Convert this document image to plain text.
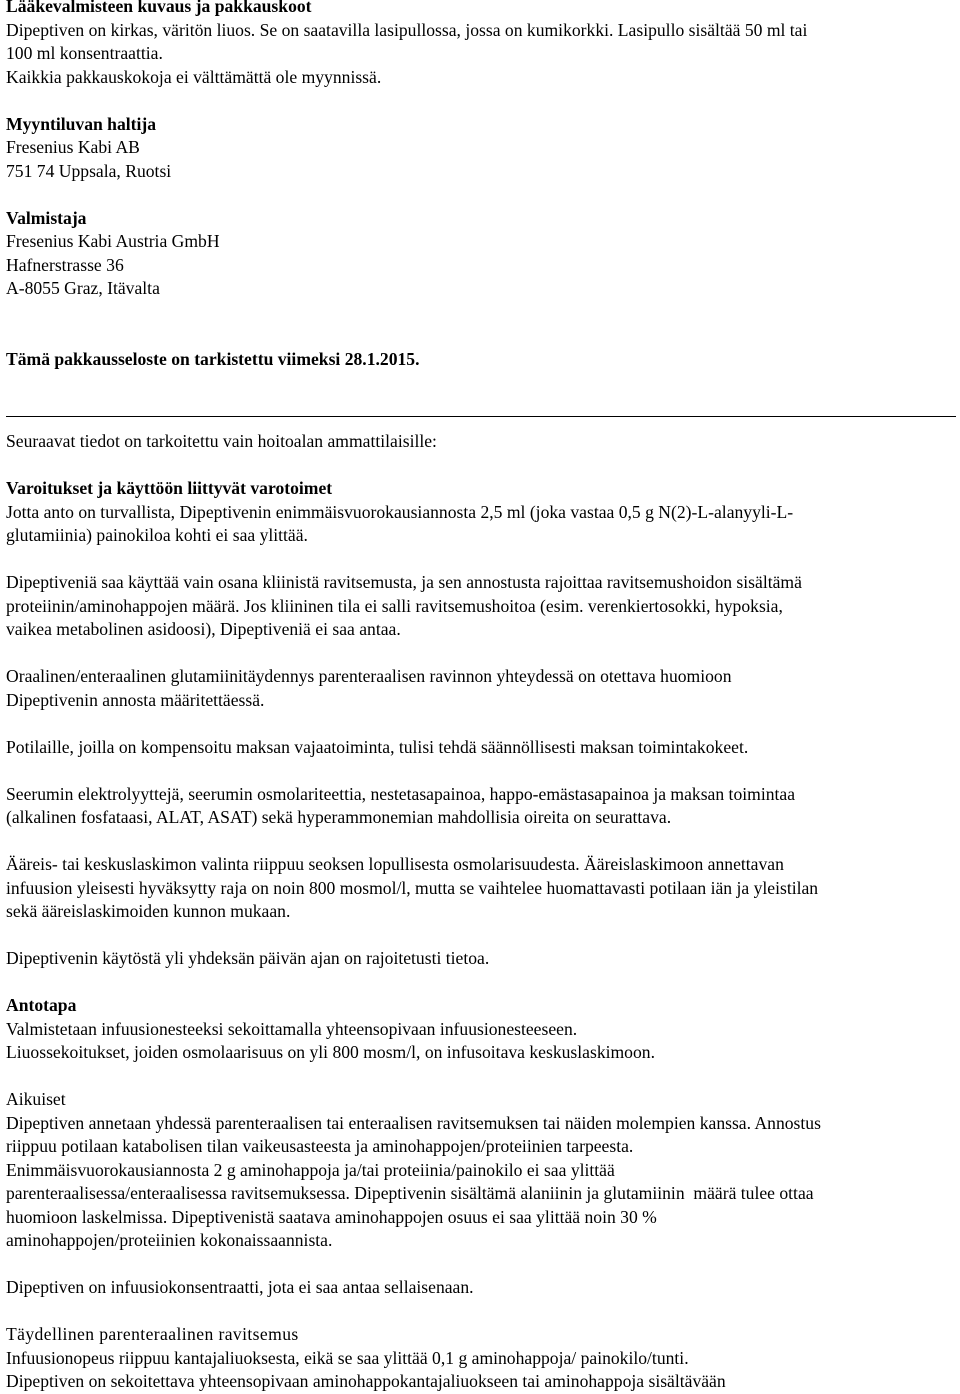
Lääkevalmisteen kuvaus ja pakkauskoot
Dipeptiven on kirkas, väritön liuos. Se on saatavilla lasipullossa, jossa on kumikorkki. Lasipullo sisältää 50 ml tai
100 ml konsentraattia.
Kaikkia pakkauskokoja ei välttämättä ole myynnissä.
Myyntiluvan haltija
Fresenius Kabi AB
751 74 Uppsala, Ruotsi
Valmistaja
Fresenius Kabi Austria GmbH
Hafnerstrasse 36
A-8055 Graz, Itävalta
Tämä pakkausseloste on tarkistettu viimeksi 28.1.2015.
Seuraavat tiedot on tarkoitettu vain hoitoalan ammattilaisille:
Varoitukset ja käyttöön liittyvät varotoimet
Jotta anto on turvallista, Dipeptivenin enimmäisvuorokausiannosta 2,5 ml (joka vastaa 0,5 g N(2)-L-alanyyli-L-
glutamiinia) painokiloa kohti ei saa ylittää.
Dipeptiveniä saa käyttää vain osana kliinistä ravitsemusta, ja sen annostusta rajoittaa ravitsemushoidon sisältämä
proteiinin/aminohappojen määrä. Jos kliininen tila ei salli ravitsemushoitoa (esim. verenkiertosokki, hypoksia,
vaikea metabolinen asidoosi), Dipeptiveniä ei saa antaa.
Oraalinen/enteraalinen glutamiinitäydennys parenteraalisen ravinnon yhteydessä on otettava huomioon
Dipeptivenin annosta määritettäessä.
Potilaille, joilla on kompensoitu maksan vajaatoiminta, tulisi tehdä säännöllisesti maksan toimintakokeet.
Seerumin elektrolyyttejä, seerumin osmolariteettia, nestetasapainoa, happo-emästasapainoa ja maksan toimintaa
(alkalinen fosfataasi, ALAT, ASAT) sekä hyperammonemian mahdollisia oireita on seurattava.
Ääreis- tai keskuslaskimon valinta riippuu seoksen lopullisesta osmolarisuudesta. Ääreislaskimoon annettavan
infuusion yleisesti hyväksytty raja on noin 800 mosmol/l, mutta se vaihtelee huomattavasti potilaan iän ja yleistilan
sekä ääreislaskimoiden kunnon mukaan.
Dipeptivenin käytöstä yli yhdeksän päivän ajan on rajoitetusti tietoa.
Antotapa
Valmistetaan infuusionesteeksi sekoittamalla yhteensopivaan infuusionesteeseen.
Liuossekoitukset, joiden osmolaarisuus on yli 800 mosm/l, on infusoitava keskuslaskimoon.
Aikuiset
Dipeptiven annetaan yhdessä parenteraalisen tai enteraalisen ravitsemuksen tai näiden molempien kanssa. Annostus
riippuu potilaan katabolisen tilan vaikeusasteesta ja aminohappojen/proteiinien tarpeesta.
Enimmäisvuorokausiannosta 2 g aminohappoja ja/tai proteiinia/painokilo ei saa ylittää
parenteraalisessa/enteraalisessa ravitsemuksessa. Dipeptivenin sisältämä alaniinin ja glutamiinin  määrä tulee ottaa
huomioon laskelmissa. Dipeptivenistä saatava aminohappojen osuus ei saa ylittää noin 30 %
aminohappojen/proteiinien kokonaissaannista.
Dipeptiven on infuusiokonsentraatti, jota ei saa antaa sellaisenaan.
Täydellinen parenteraalinen ravitsemus
Infuusionopeus riippuu kantajaliuoksesta, eikä se saa ylittää 0,1 g aminohappoja/ painokilo/tunti.
Dipeptiven on sekoitettava yhteensopivaan aminohappokantajaliuokseen tai aminohappoja sisältävään
